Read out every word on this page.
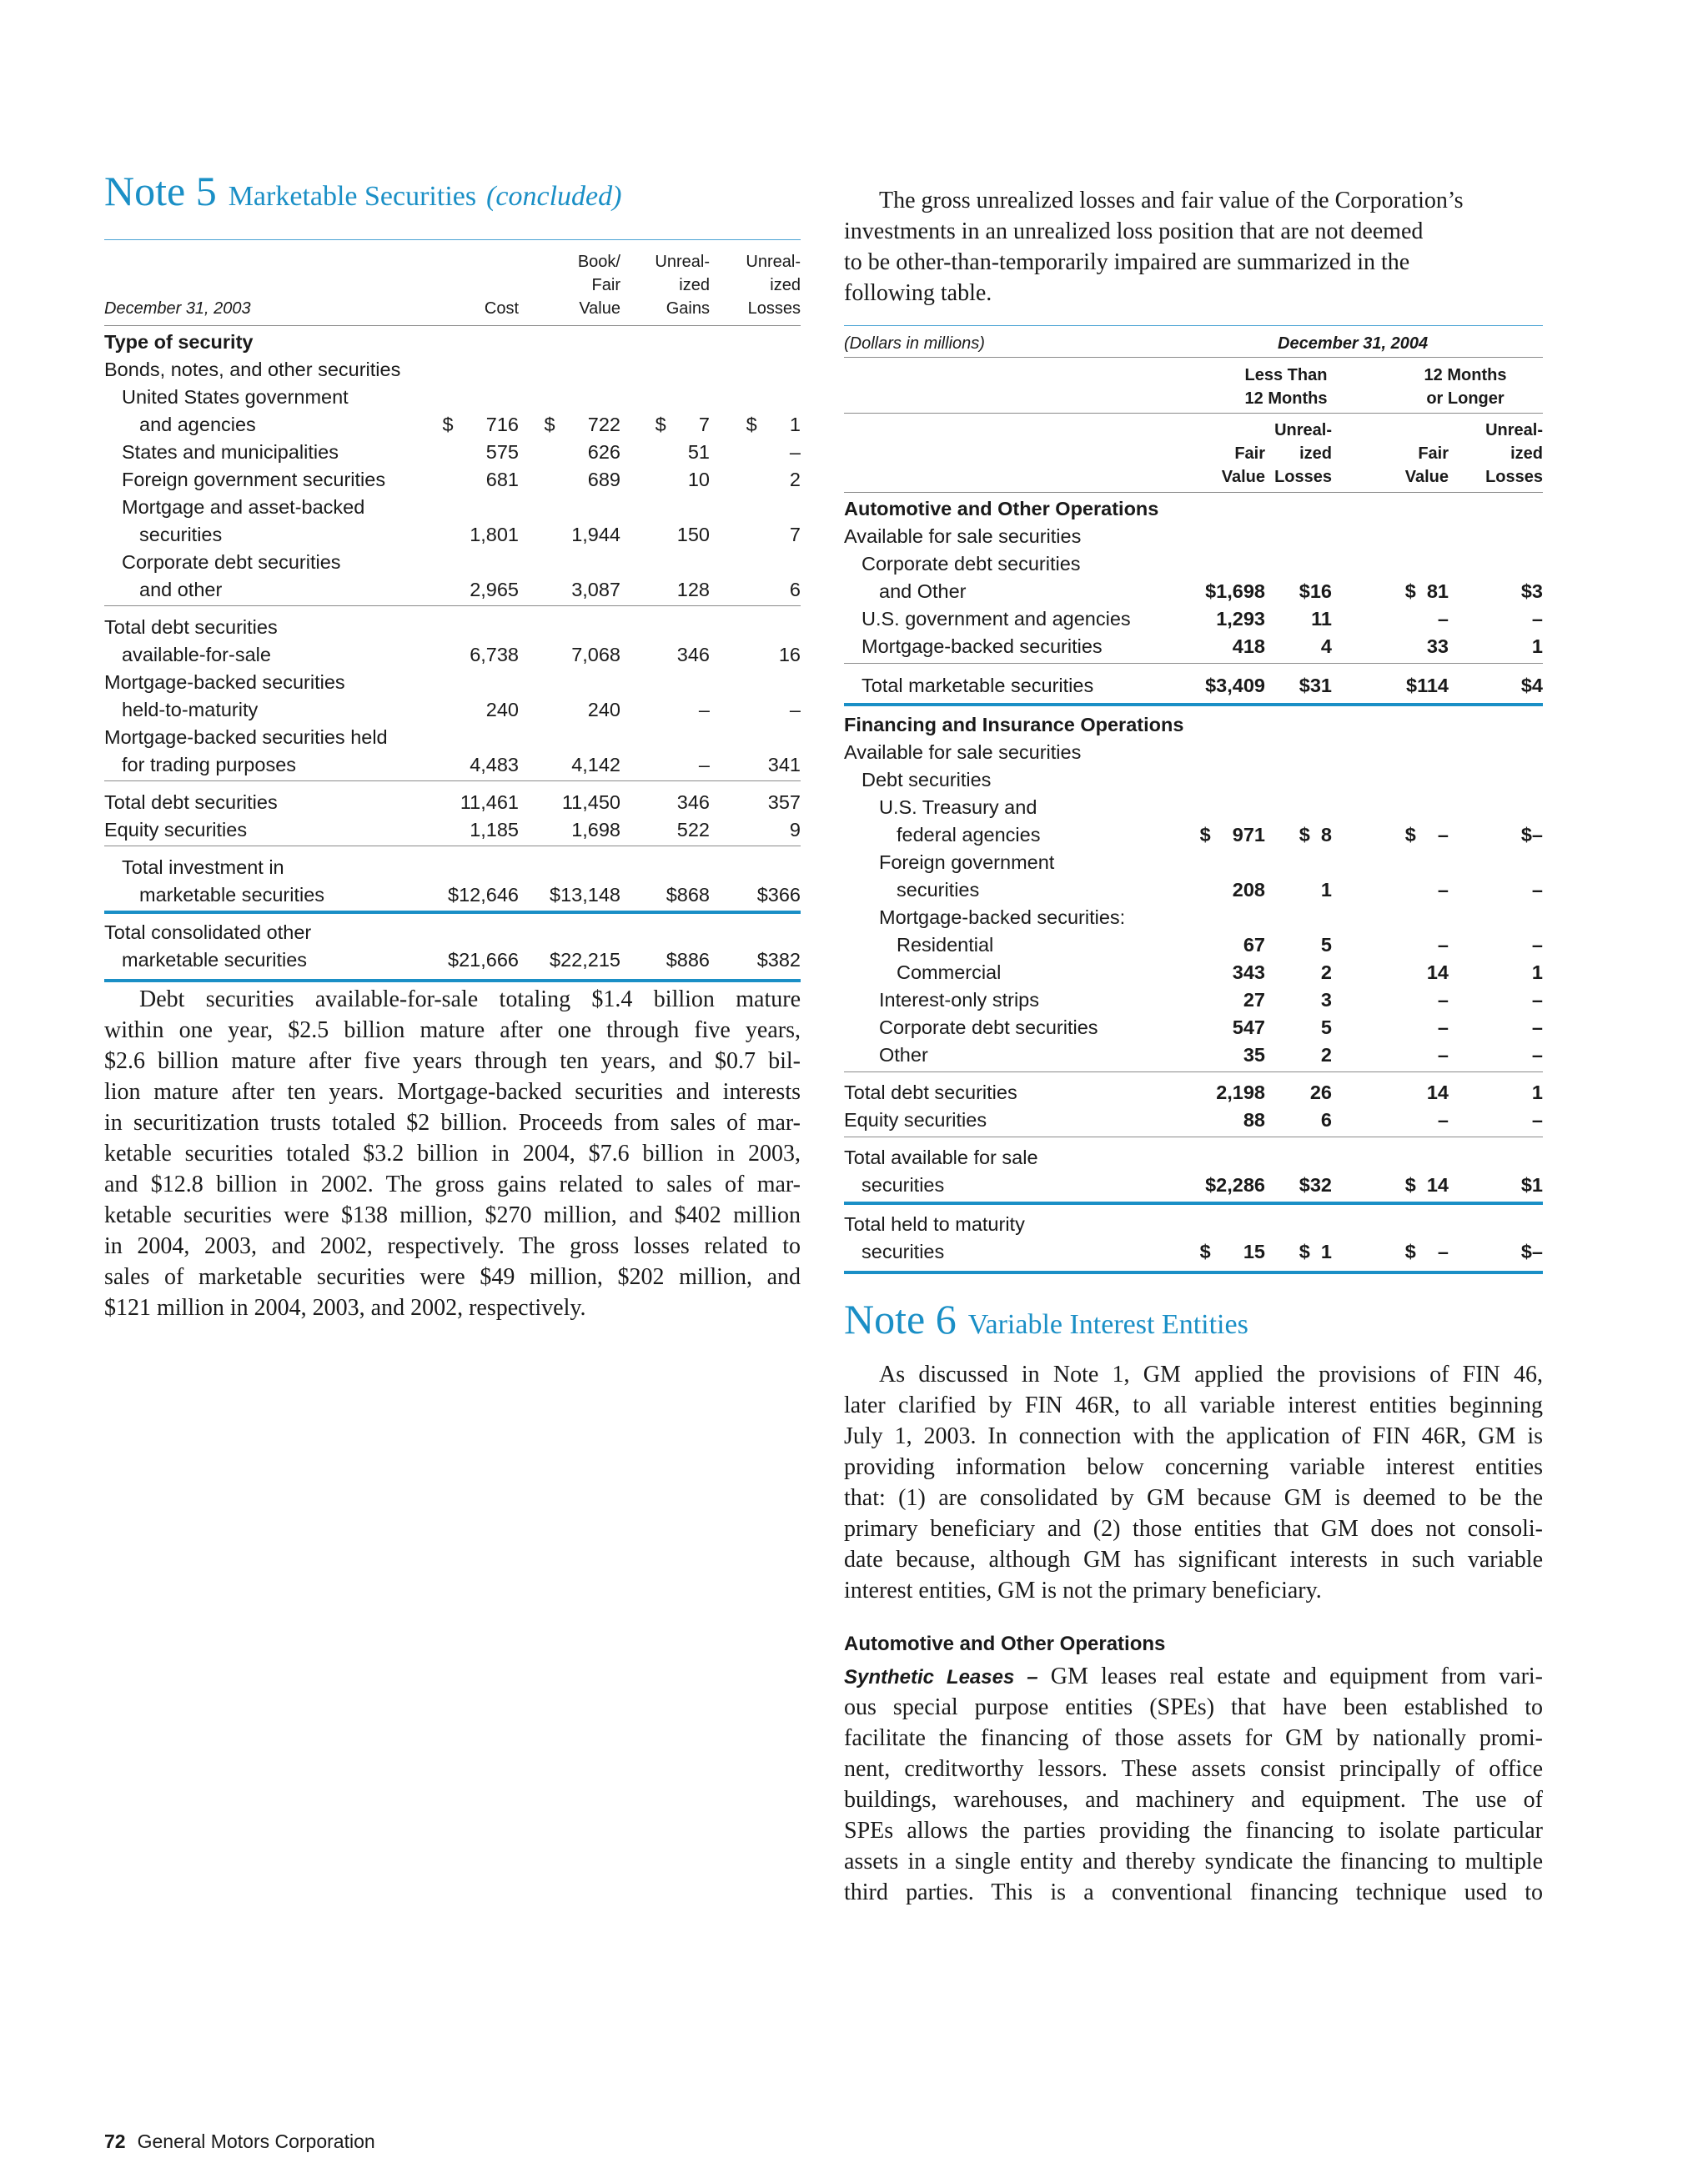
Note 5 Marketable Securities (concluded)

Cost
Book/
Fair
Value
Unreal-
ized
Gains
Unreal-
ized
Losses
December 31, 2003
Type of security
Bonds, notes, and other securities
United States government
and agencies	$      716 $      722 $      7 $      1
States and municipalities	575	626	51	–
Foreign government securities	681	689	10	2
Mortgage and asset-backed
securities	1,801	1,944	150	7
Corporate debt securities
and other	2,965	3,087	128	6
Total debt securities
available-for-sale	6,738	7,068	346	16
Mortgage-backed securities
held-to-maturity	240	240	–	–
Mortgage-backed securities held
for trading purposes	4,483	4,142	–	341
Total debt securities	11,461 11,450	346	357
Equity securities	1,185	1,698	522	9
Total investment in
marketable securities	$12,646 $13,148 $868 $366
Total consolidated other
marketable securities	$21,666 $22,215 $886 $382
Debt securities available-for-sale totaling $1.4 billion mature
within one year, $2.5 billion mature after one through five years,
$2.6 billion mature after five years through ten years, and $0.7 bil-
lion mature after ten years. Mortgage-backed securities and interests
in securitization trusts totaled $2 billion. Proceeds from sales of mar-
ketable securities totaled $3.2 billion in 2004, $7.6 billion in 2003,
and $12.8 billion in 2002. The gross gains related to sales of mar-
ketable securities were $138 million, $270 million, and $402 million
in 2004, 2003, and 2002, respectively. The gross losses related to
sales of marketable securities were $49 million, $202 million, and
$121 million in 2004, 2003, and 2002, respectively.
The gross unrealized losses and fair value of the Corporation’s
investments in an unrealized loss position that are not deemed
to be other-than-temporarily impaired are summarized in the
following table.
(Dollars in millions)	December 31, 2004
Less Than
12 Months
12 Months
or Longer

Fair
Value
Unreal-
ized
Losses

Fair
Value
Unreal-
ized
Losses
Automotive and Other Operations
Available for sale securities
Corporate debt securities
and Other	$1,698 $16	$  81	$3
U.S. government and agencies	1,293 11	–	–
Mortgage-backed securities	418	4	33	1
Total marketable securities	$3,409 $31	$114	$4
Financing and Insurance Operations
Available for sale securities
Debt securities
U.S. Treasury and
federal agencies	$    971 $  8	$    –	$–
Foreign government
securities	208	1	–	–
Mortgage-backed securities:
Residential	67	5	–	–
Commercial	343	2	14	1
Interest-only strips	27	3	–	–
Corporate debt securities	547	5	–	–
Other	35	2	–	–
Total debt securities	2,198 26	14	1
Equity securities	88	6	–	–
Total available for sale
securities	$2,286 $32	$  14	$1
Total held to maturity
securities	$      15 $  1	$    –	$–
Note 6 Variable Interest Entities
As discussed in Note 1, GM applied the provisions of FIN 46,
later clarified by FIN 46R, to all variable interest entities beginning
July 1, 2003. In connection with the application of FIN 46R, GM is
providing information below concerning variable interest entities
that: (1) are consolidated by GM because GM is deemed to be the
primary beneficiary and (2) those entities that GM does not consoli-
date because, although GM has significant interests in such variable
interest entities, GM is not the primary beneficiary.
Automotive and Other Operations
Synthetic Leases – GM leases real estate and equipment from vari-
ous special purpose entities (SPEs) that have been established to
facilitate the financing of those assets for GM by nationally promi-
nent, creditworthy lessors. These assets consist principally of office
buildings, warehouses, and machinery and equipment. The use of
SPEs allows the parties providing the financing to isolate particular
assets in a single entity and thereby syndicate the financing to multiple
third parties. This is a conventional financing technique used to
72 General Motors Corporation
